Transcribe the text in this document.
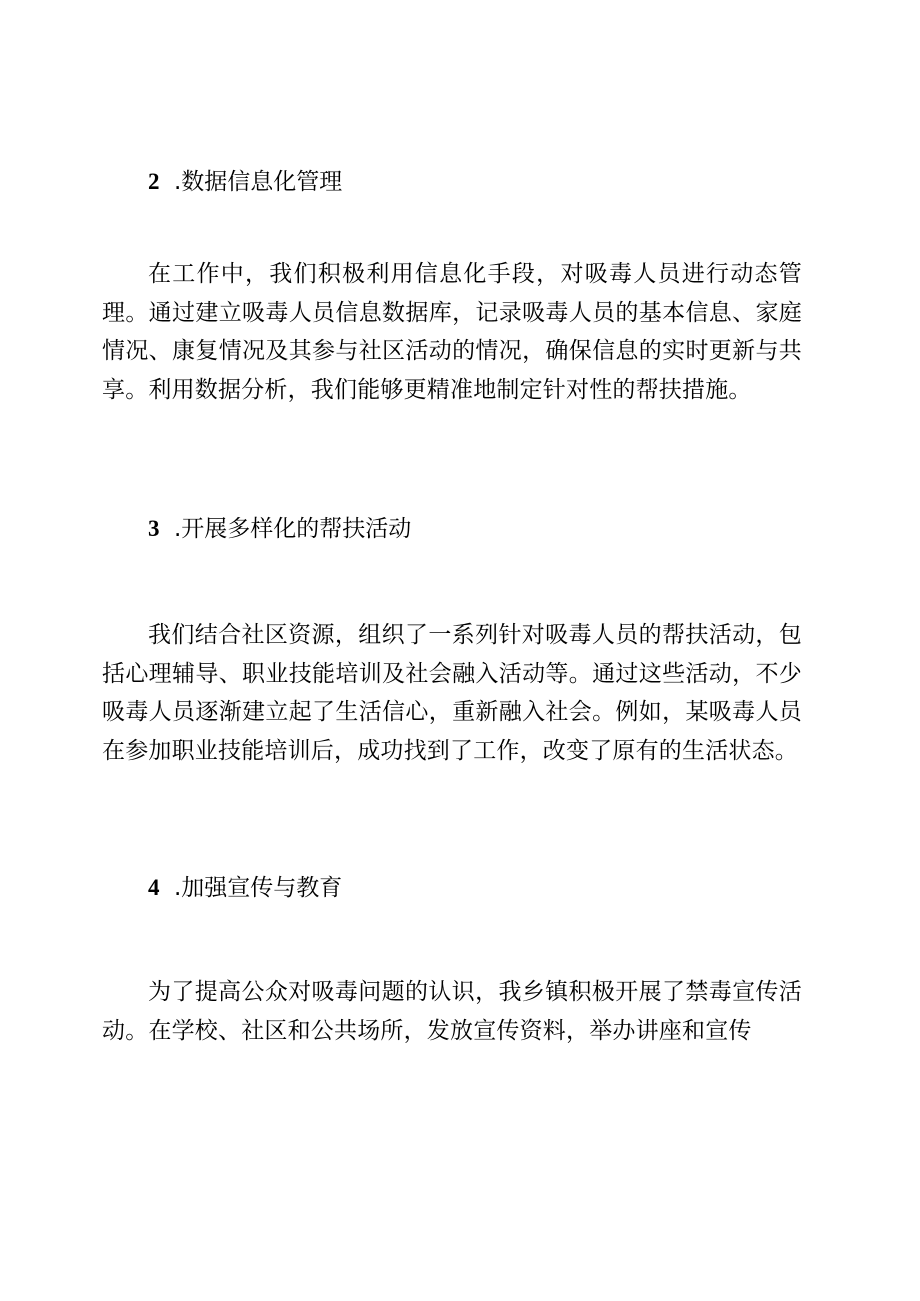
2 .数据信息化管理

在工作中，我们积极利用信息化手段，对吸毒人员进行动态管理。通过建立吸毒人员信息数据库，记录吸毒人员的基本信息、家庭情况、康复情况及其参与社区活动的情况，确保信息的实时更新与共享。利用数据分析，我们能够更精准地制定针对性的帮扶措施。

3 .开展多样化的帮扶活动

我们结合社区资源，组织了一系列针对吸毒人员的帮扶活动，包括心理辅导、职业技能培训及社会融入活动等。通过这些活动，不少吸毒人员逐渐建立起了生活信心，重新融入社会。例如，某吸毒人员在参加职业技能培训后，成功找到了工作，改变了原有的生活状态。

4 .加强宣传与教育

为了提高公众对吸毒问题的认识，我乡镇积极开展了禁毒宣传活动。在学校、社区和公共场所，发放宣传资料，举办讲座和宣传
